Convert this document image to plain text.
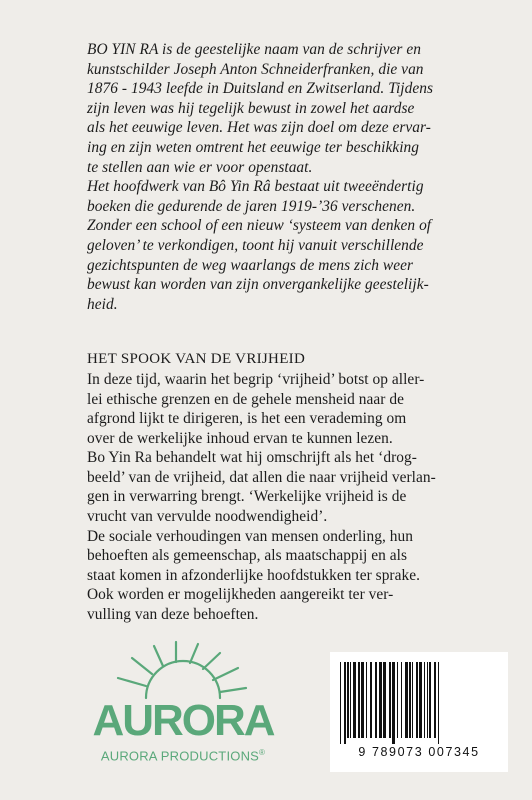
BO YIN RA is de geestelijke naam van de schrijver en
kunstschilder Joseph Anton Schneiderfranken, die van
1876 - 1943 leefde in Duitsland en Zwitserland. Tijdens
zijn leven was hij tegelijk bewust in zowel het aardse
als het eeuwige leven. Het was zijn doel om deze ervar-
ing en zijn weten omtrent het eeuwige ter beschikking
te stellen aan wie er voor openstaat.

Het hoofdwerk van Bô Yin Râ bestaat uit tweeëndertig
boeken die gedurende de jaren 1919-’36 verschenen.
Zonder een school of een nieuw ‘systeem van denken of
geloven’ te verkondigen, toont hij vanuit verschillende
gezichtspunten de weg waarlangs de mens zich weer
bewust kan worden van zijn onvergankelijke geestelijk-
heid.

HET SPOOK VAN DE VRIJHEID

In deze tijd, waarin het begrip ‘vrijheid’ botst op aller-
lei ethische grenzen en de gehele mensheid naar de
afgrond lijkt te dirigeren, is het een verademing om
over de werkelijke inhoud ervan te kunnen lezen.

Bo Yin Ra behandelt wat hij omschrijft als het ‘drog-
beeld’ van de vrijheid, dat allen die naar vrijheid verlan-
gen in verwarring brengt. ‘Werkelijke vrijheid is de
vrucht van vervulde noodwendigheid’.

De sociale verhoudingen van mensen onderling, hun
behoeften als gemeenschap, als maatschappij en als
staat komen in afzonderlijke hoofdstukken ter sprake.
Ook worden er mogelijkheden aangereikt ter ver-
vulling van deze behoeften.

AURORA
AURORA PRODUCTIONS®	9 789073 007345
